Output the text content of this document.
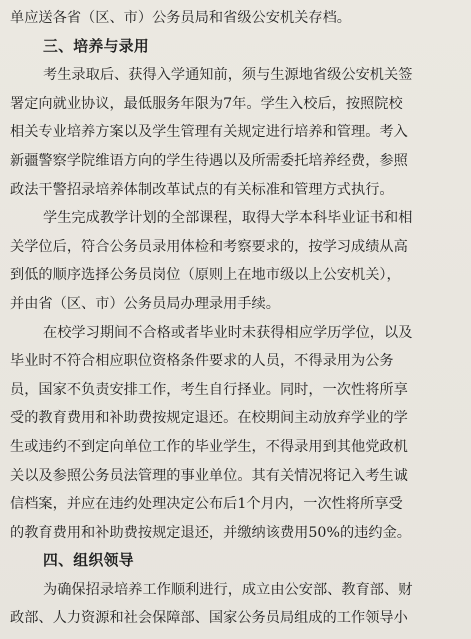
单应送各省（区、市）公务员局和省级公安机关存档。
三、培养与录用
考生录取后、获得入学通知前，须与生源地省级公安机关签
署定向就业协议，最低服务年限为7年。学生入校后，按照院校
相关专业培养方案以及学生管理有关规定进行培养和管理。考入
新疆警察学院维语方向的学生待遇以及所需委托培养经费，参照
政法干警招录培养体制改革试点的有关标准和管理方式执行。
学生完成教学计划的全部课程，取得大学本科毕业证书和相
关学位后，符合公务员录用体检和考察要求的，按学习成绩从高
到低的顺序选择公务员岗位（原则上在地市级以上公安机关），
并由省（区、市）公务员局办理录用手续。
在校学习期间不合格或者毕业时未获得相应学历学位，以及
毕业时不符合相应职位资格条件要求的人员，不得录用为公务
员，国家不负责安排工作，考生自行择业。同时，一次性将所享
受的教育费用和补助费按规定退还。在校期间主动放弃学业的学
生或违约不到定向单位工作的毕业学生，不得录用到其他党政机
关以及参照公务员法管理的事业单位。其有关情况将记入考生诚
信档案，并应在违约处理决定公布后1个月内，一次性将所享受
的教育费用和补助费按规定退还，并缴纳该费用50%的违约金。
四、组织领导
为确保招录培养工作顺利进行，成立由公安部、教育部、财
政部、人力资源和社会保障部、国家公务员局组成的工作领导小
